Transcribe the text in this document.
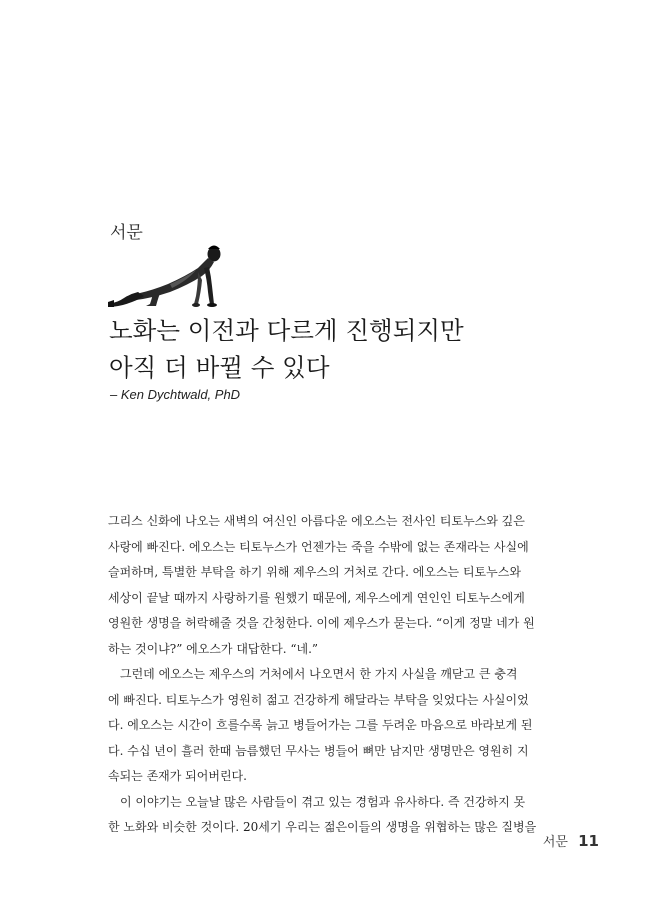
서문
노화는 이전과 다르게 진행되지만
아직 더 바뀔 수 있다
– Ken Dychtwald, PhD
그리스 신화에 나오는 새벽의 여신인 아름다운 에오스는 전사인 티토누스와 깊은
사랑에 빠진다. 에오스는 티토누스가 언젠가는 죽을 수밖에 없는 존재라는 사실에
슬퍼하며, 특별한 부탁을 하기 위해 제우스의 거처로 간다. 에오스는 티토누스와
세상이 끝날 때까지 사랑하기를 원했기 때문에, 제우스에게 연인인 티토누스에게
영원한 생명을 허락해줄 것을 간청한다. 이에 제우스가 묻는다. “이게 정말 네가 원
하는 것이냐?” 에오스가 대답한다. “네.”
　그런데 에오스는 제우스의 거처에서 나오면서 한 가지 사실을 깨닫고 큰 충격
에 빠진다. 티토누스가 영원히 젊고 건강하게 해달라는 부탁을 잊었다는 사실이었
다. 에오스는 시간이 흐를수록 늙고 병들어가는 그를 두려운 마음으로 바라보게 된
다. 수십 년이 흘러 한때 늠름했던 무사는 병들어 뼈만 남지만 생명만은 영원히 지
속되는 존재가 되어버린다.
　이 이야기는 오늘날 많은 사람들이 겪고 있는 경험과 유사하다. 즉 건강하지 못
한 노화와 비슷한 것이다. 20세기 우리는 젊은이들의 생명을 위협하는 많은 질병을
서문 11
